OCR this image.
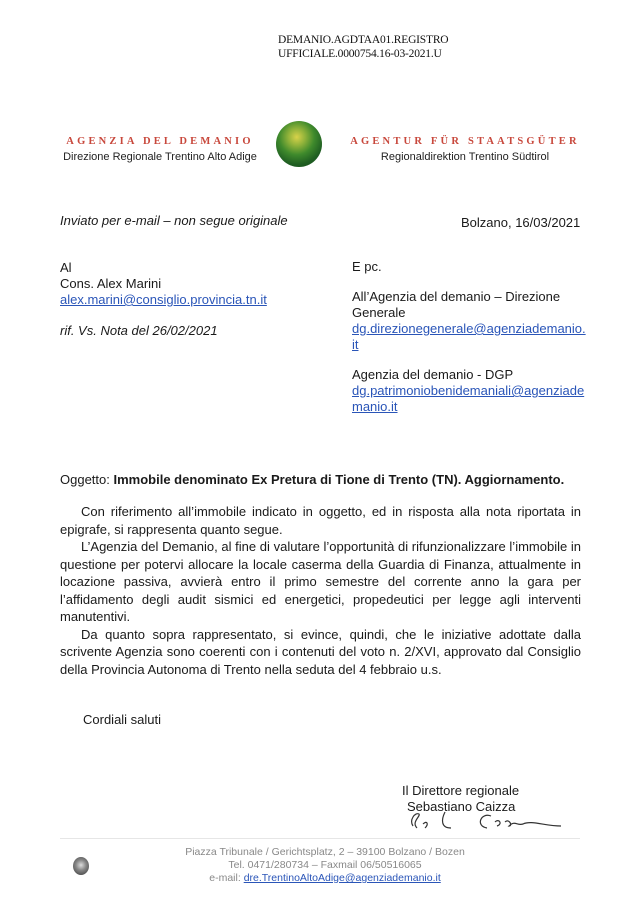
DEMANIO.AGDTAA01.REGISTRO
UFFICIALE.0000754.16-03-2021.U
AGENZIA DEL DEMANIO
Direzione Regionale Trentino Alto Adige
AGENTUR FÜR STAATSGÜTER
Regionaldirektion Trentino Südtirol
Inviato per e-mail – non segue originale	Bolzano, 16/03/2021
Al
Cons. Alex Marini
alex.marini@consiglio.provincia.tn.it
rif. Vs. Nota del 26/02/2021
E pc.
All’Agenzia del demanio – Direzione
Generale
dg.direzionegenerale@agenziademanio.
it
Agenzia del demanio - DGP
dg.patrimoniobenidemaniali@agenziade
manio.it
Oggetto: Immobile denominato Ex Pretura di Tione di Trento (TN). Aggiornamento.
Con riferimento all’immobile indicato in oggetto, ed in risposta alla nota riportata in epigrafe, si rappresenta quanto segue.
L’Agenzia del Demanio, al fine di valutare l’opportunità di rifunzionalizzare l’immobile in questione per potervi allocare la locale caserma della Guardia di Finanza, attualmente in locazione passiva, avvierà entro il primo semestre del corrente anno la gara per l’affidamento degli audit sismici ed energetici, propedeutici per legge agli interventi manutentivi.
Da quanto sopra rappresentato, si evince, quindi, che le iniziative adottate dalla scrivente Agenzia sono coerenti con i contenuti del voto n. 2/XVI, approvato dal Consiglio della Provincia Autonoma di Trento nella seduta del 4 febbraio u.s.
Cordiali saluti
Il Direttore regionale
Sebastiano Caizza
Piazza Tribunale / Gerichtsplatz, 2 – 39100 Bolzano / Bozen
Tel. 0471/280734 – Faxmail 06/50516065
e-mail: dre.TrentinoAltoAdige@agenziademanio.it
